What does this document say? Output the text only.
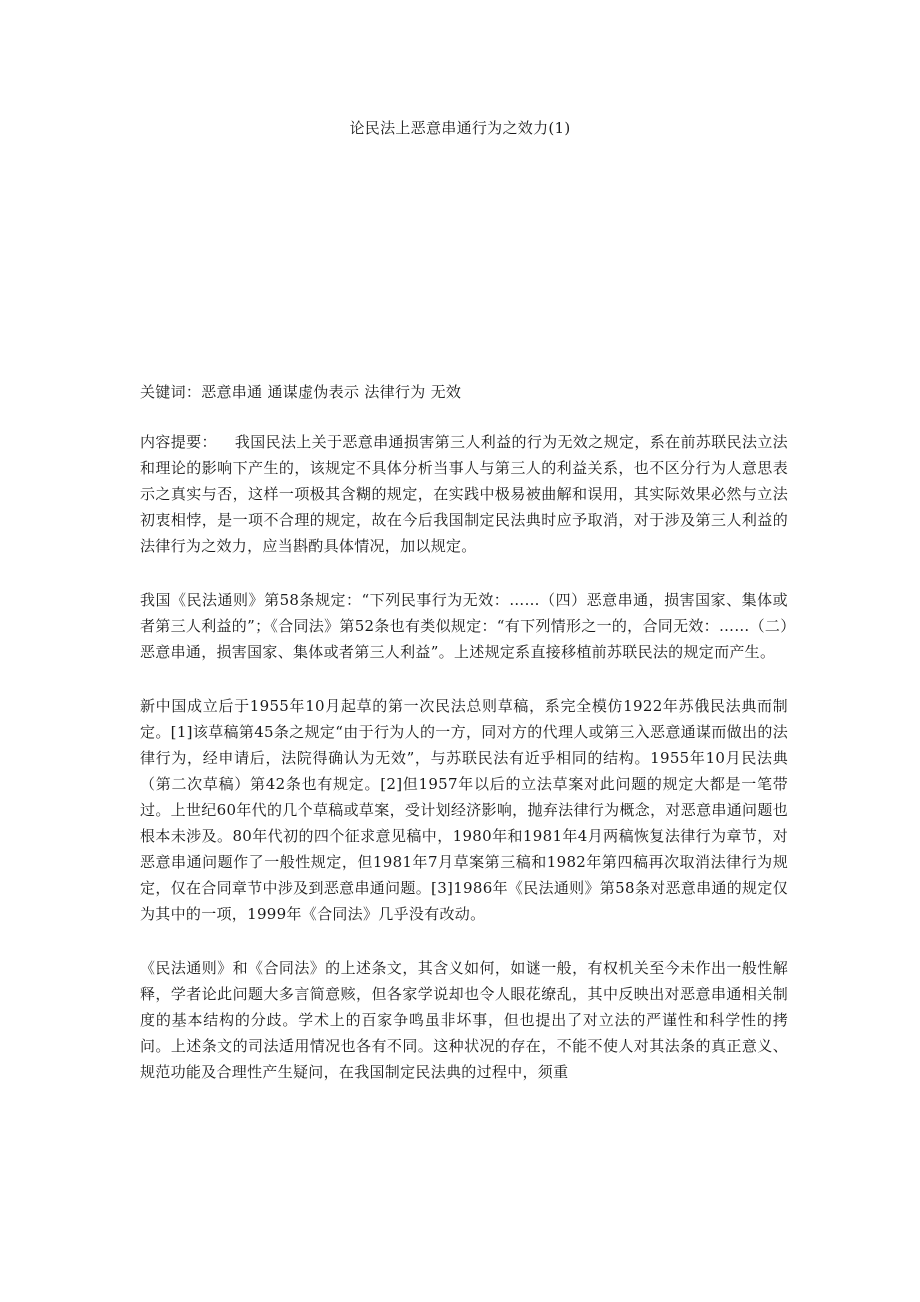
论民法上恶意串通行为之效力(1)

关键词：恶意串通 通谋虚伪表示 法律行为 无效

内容提要： 我国民法上关于恶意串通损害第三人利益的行为无效之规定，系在前苏联民法立法和理论的影响下产生的，该规定不具体分析当事人与第三人的利益关系，也不区分行为人意思表示之真实与否，这样一项极其含糊的规定，在实践中极易被曲解和误用，其实际效果必然与立法初衷相悖，是一项不合理的规定，故在今后我国制定民法典时应予取消，对于涉及第三人利益的法律行为之效力，应当斟酌具体情况，加以规定。

我国《民法通则》第58条规定：“下列民事行为无效：……（四）恶意串通，损害国家、集体或者第三人利益的”；《合同法》第52条也有类似规定：“有下列情形之一的，合同无效：……（二）恶意串通，损害国家、集体或者第三人利益”。上述规定系直接移植前苏联民法的规定而产生。

新中国成立后于1955年10月起草的第一次民法总则草稿，系完全模仿1922年苏俄民法典而制定。[1]该草稿第45条之规定“由于行为人的一方，同对方的代理人或第三入恶意通谋而做出的法律行为，经申请后，法院得确认为无效”，与苏联民法有近乎相同的结构。1955年10月民法典（第二次草稿）第42条也有规定。[2]但1957年以后的立法草案对此问题的规定大都是一笔带过。上世纪60年代的几个草稿或草案，受计划经济影响，抛弃法律行为概念，对恶意串通问题也根本未涉及。80年代初的四个征求意见稿中，1980年和1981年4月两稿恢复法律行为章节，对恶意串通问题作了一般性规定，但1981年7月草案第三稿和1982年第四稿再次取消法律行为规定，仅在合同章节中涉及到恶意串通问题。[3]1986年《民法通则》第58条对恶意串通的规定仅为其中的一项，1999年《合同法》几乎没有改动。

《民法通则》和《合同法》的上述条文，其含义如何，如谜一般，有权机关至今未作出一般性解释，学者论此问题大多言简意赅，但各家学说却也令人眼花缭乱，其中反映出对恶意串通相关制度的基本结构的分歧。学术上的百家争鸣虽非坏事，但也提出了对立法的严谨性和科学性的拷问。上述条文的司法适用情况也各有不同。这种状况的存在，不能不使人对其法条的真正意义、规范功能及合理性产生疑问，在我国制定民法典的过程中，须重
